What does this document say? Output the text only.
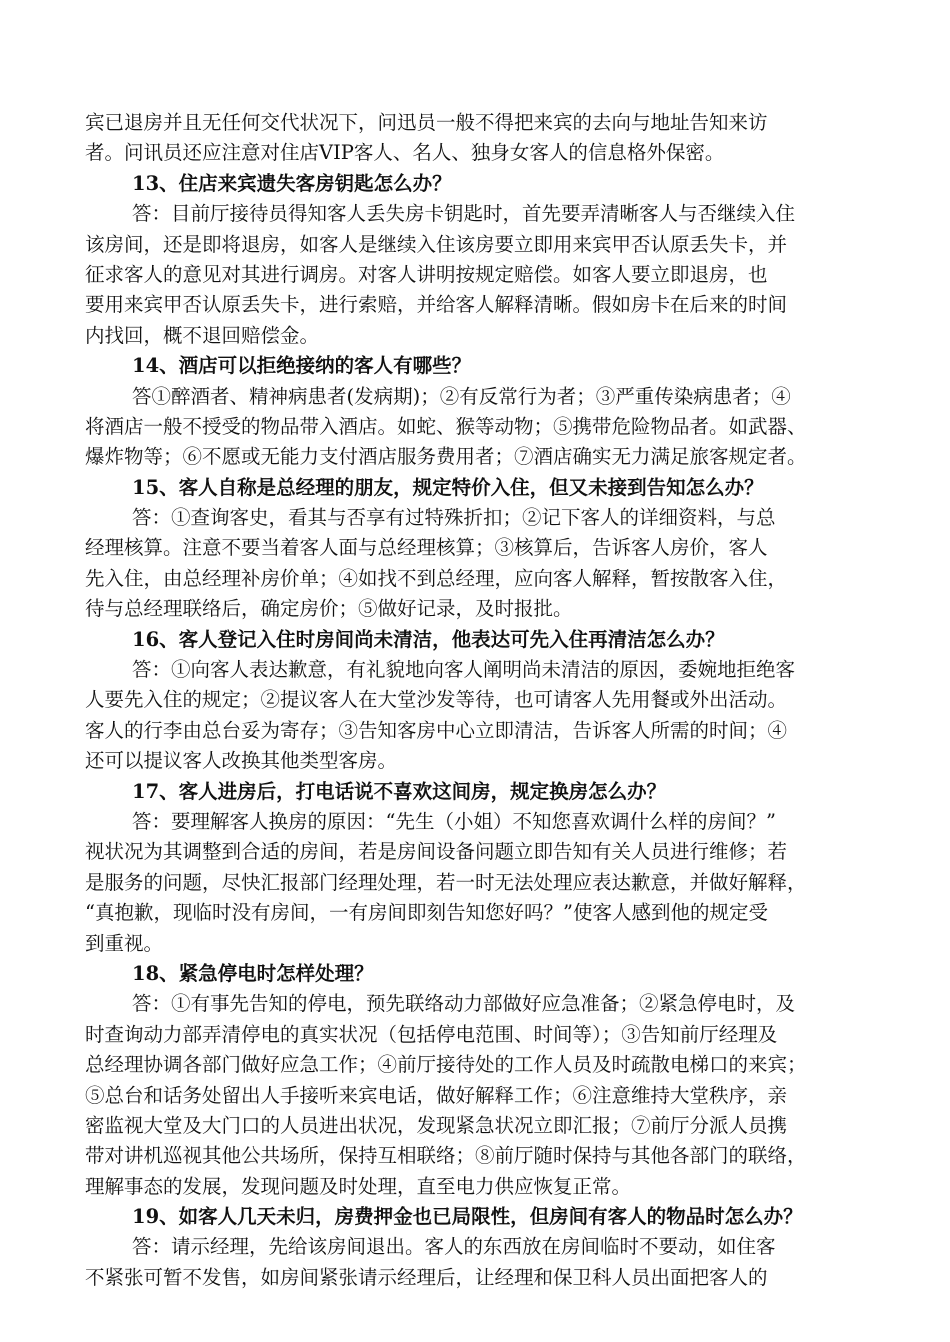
宾已退房并且无任何交代状况下，问迅员一般不得把来宾的去向与地址告知来访
者。问讯员还应注意对住店VIP客人、名人、独身女客人的信息格外保密。
13、住店来宾遗失客房钥匙怎么办？
答：目前厅接待员得知客人丢失房卡钥匙时，首先要弄清晰客人与否继续入住
该房间，还是即将退房，如客人是继续入住该房要立即用来宾甲否认原丢失卡，并
征求客人的意见对其进行调房。对客人讲明按规定赔偿。如客人要立即退房，也
要用来宾甲否认原丢失卡，进行索赔，并给客人解释清晰。假如房卡在后来的时间
内找回，概不退回赔偿金。
14、酒店可以拒绝接纳的客人有哪些？
答①醉酒者、精神病患者(发病期)；②有反常行为者；③严重传染病患者；④
将酒店一般不授受的物品带入酒店。如蛇、猴等动物；⑤携带危险物品者。如武器、
爆炸物等；⑥不愿或无能力支付酒店服务费用者；⑦酒店确实无力满足旅客规定者。
15、客人自称是总经理的朋友，规定特价入住，但又未接到告知怎么办？
答：①查询客史，看其与否享有过特殊折扣；②记下客人的详细资料，与总
经理核算。注意不要当着客人面与总经理核算；③核算后，告诉客人房价，客人
先入住，由总经理补房价单；④如找不到总经理，应向客人解释，暂按散客入住，
待与总经理联络后，确定房价；⑤做好记录，及时报批。
16、客人登记入住时房间尚未清洁，他表达可先入住再清洁怎么办？
答：①向客人表达歉意，有礼貌地向客人阐明尚未清洁的原因，委婉地拒绝客
人要先入住的规定；②提议客人在大堂沙发等待，也可请客人先用餐或外出活动。
客人的行李由总台妥为寄存；③告知客房中心立即清洁，告诉客人所需的时间；④
还可以提议客人改换其他类型客房。
17、客人进房后，打电话说不喜欢这间房，规定换房怎么办？
答：要理解客人换房的原因：“先生（小姐）不知您喜欢调什么样的房间？”
视状况为其调整到合适的房间，若是房间设备问题立即告知有关人员进行维修；若
是服务的问题，尽快汇报部门经理处理，若一时无法处理应表达歉意，并做好解释，
“真抱歉，现临时没有房间，一有房间即刻告知您好吗？”使客人感到他的规定受
到重视。
18、紧急停电时怎样处理？
答：①有事先告知的停电，预先联络动力部做好应急准备；②紧急停电时，及
时查询动力部弄清停电的真实状况（包括停电范围、时间等）；③告知前厅经理及
总经理协调各部门做好应急工作；④前厅接待处的工作人员及时疏散电梯口的来宾；
⑤总台和话务处留出人手接听来宾电话，做好解释工作；⑥注意维持大堂秩序，亲
密监视大堂及大门口的人员进出状况，发现紧急状况立即汇报；⑦前厅分派人员携
带对讲机巡视其他公共场所，保持互相联络；⑧前厅随时保持与其他各部门的联络，
理解事态的发展，发现问题及时处理，直至电力供应恢复正常。
19、如客人几天未归，房费押金也已局限性，但房间有客人的物品时怎么办？
答：请示经理，先给该房间退出。客人的东西放在房间临时不要动，如住客
不紧张可暂不发售，如房间紧张请示经理后，让经理和保卫科人员出面把客人的
